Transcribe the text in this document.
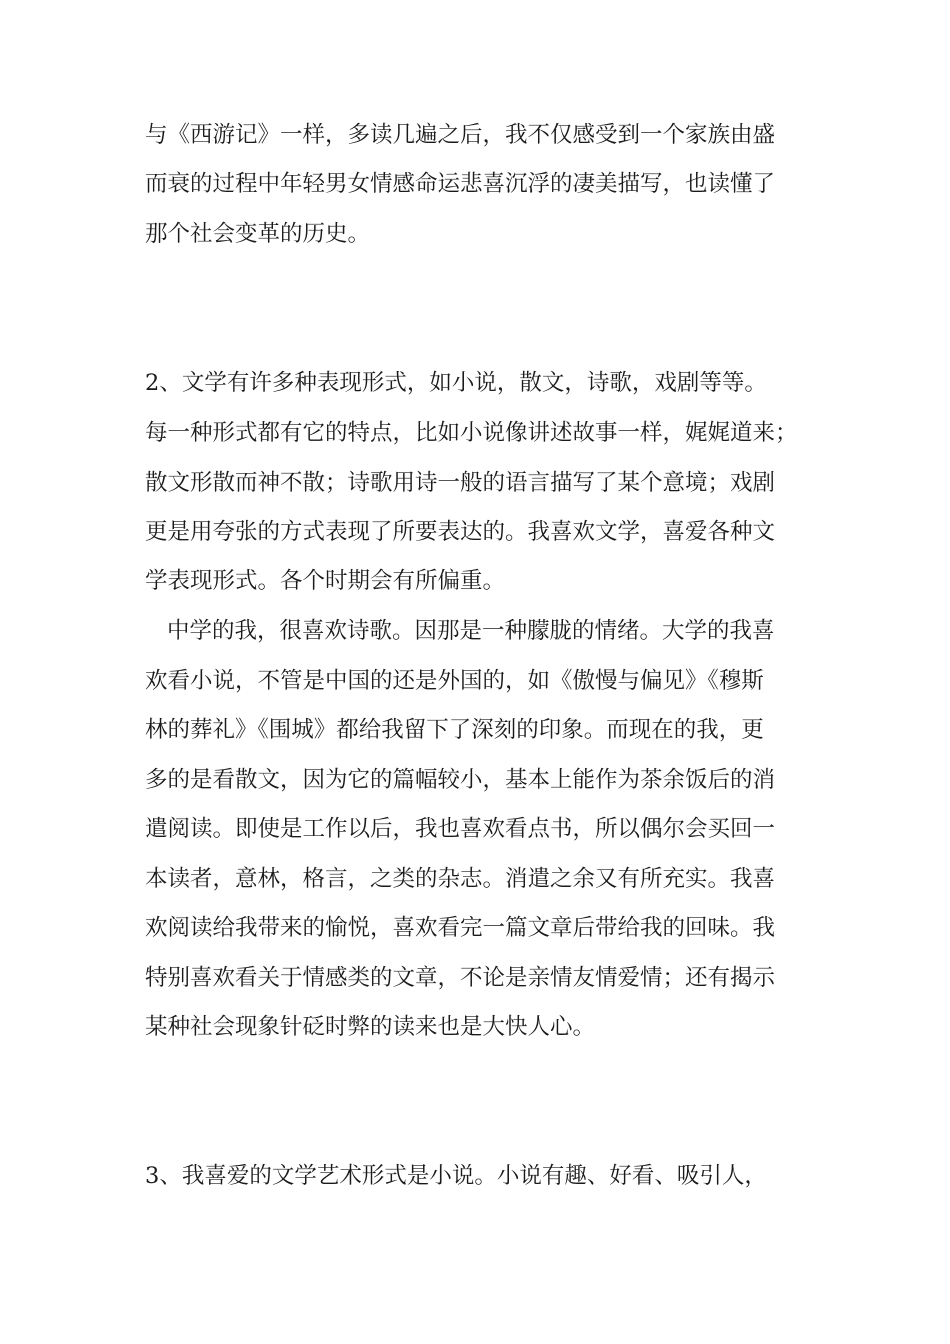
与《西游记》一样，多读几遍之后，我不仅感受到一个家族由盛
而衰的过程中年轻男女情感命运悲喜沉浮的凄美描写，也读懂了
那个社会变革的历史。
2、文学有许多种表现形式，如小说，散文，诗歌，戏剧等等。
每一种形式都有它的特点，比如小说像讲述故事一样，娓娓道来；
散文形散而神不散；诗歌用诗一般的语言描写了某个意境；戏剧
更是用夸张的方式表现了所要表达的。我喜欢文学，喜爱各种文
学表现形式。各个时期会有所偏重。
中学的我，很喜欢诗歌。因那是一种朦胧的情绪。大学的我喜
欢看小说，不管是中国的还是外国的，如《傲慢与偏见》《穆斯
林的葬礼》《围城》都给我留下了深刻的印象。而现在的我，更
多的是看散文，因为它的篇幅较小，基本上能作为茶余饭后的消
遣阅读。即使是工作以后，我也喜欢看点书，所以偶尔会买回一
本读者，意林，格言，之类的杂志。消遣之余又有所充实。我喜
欢阅读给我带来的愉悦，喜欢看完一篇文章后带给我的回味。我
特别喜欢看关于情感类的文章，不论是亲情友情爱情；还有揭示
某种社会现象针砭时弊的读来也是大快人心。
3、我喜爱的文学艺术形式是小说。小说有趣、好看、吸引人，
